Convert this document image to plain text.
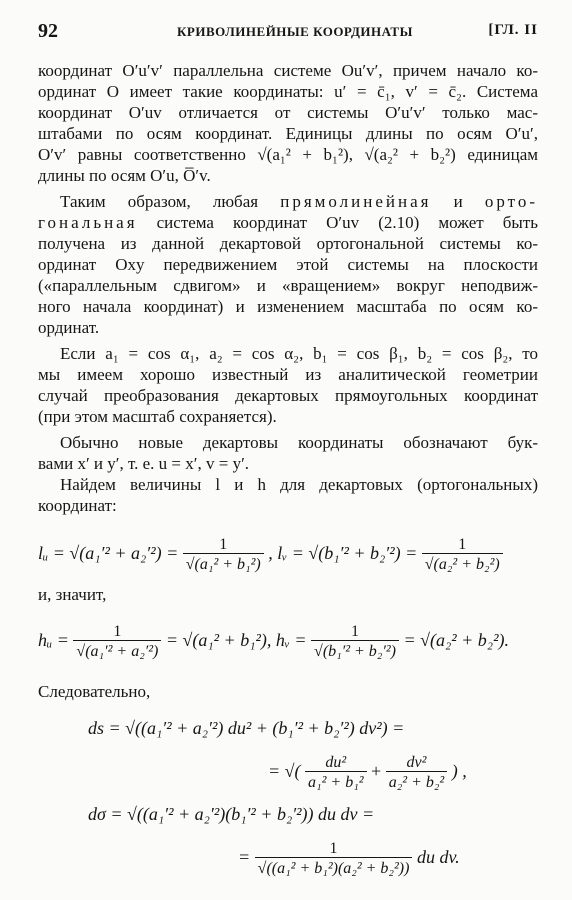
92	КРИВОЛИНЕЙНЫЕ КООРДИНАТЫ	[ГЛ. II
координат O′u′v′ параллельна системе Ou′v′, причем начало ко-
ординат O имеет такие координаты: u′ = c̄₁, v′ = c̄₂. Система
координат O′uv отличается от системы O′u′v′ только мас-
штабами по осям координат. Единицы длины по осям O′u′,
O′v′ равны соответственно √(a₁² + b₁²), √(a₂² + b₂²) единицам
длины по осям O′u, O̅′v.
Таким образом, любая прямолинейная и орто-
гональная система координат O′uv (2.10) может быть
получена из данной декартовой ортогональной системы ко-
ординат Oxy передвижением этой системы на плоскости
(«параллельным сдвигом» и «вращением» вокруг неподвиж-
ного начала координат) и изменением масштаба по осям ко-
ординат.
Если a₁ = cos α₁, a₂ = cos α₂, b₁ = cos β₁, b₂ = cos β₂, то
мы имеем хорошо известный из аналитической геометрии
случай преобразования декартовых прямоугольных координат
(при этом масштаб сохраняется).
Обычно новые декартовы координаты обозначают бук-
вами x′ и y′, т. е. u = x′, v = y′.
Найдем величины l и h для декартовых (ортогональных)
координат:
lᵤ = $√(a_1'^2 + a_2'^2) = \frac{1}{\text{√(a₁² + b₁²)}}$ , lᵥ = $√(b_1'^2 + b_2'^2) = \frac{1}{\text{√(a₂² + b₂²)}}$
и, значит,
hᵤ = $\frac{1}{\text{√(a₁′² + a₂′²)}} = √(a_1^2 + b_1^2)$, hᵥ = $\frac{1}{\text{√(b₁′² + b₂′²)}} = √(a_2^2 + b_2^2)$.
Следовательно,
ds = √((a₁′² + a₂′²) du² + (b₁′² + b₂′²) dv²) =
= √( $\frac{\text{du²}}{\text{a₁² + b₁²}} + \frac{\text{dv²}}{\text{a₂² + b₂²}}$ ) ,
dσ = √((a₁′² + a₂′²)(b₁′² + b₂′²)) du dv =
= $\frac{1}{\text{√((a₁² + b₁²)(a₂² + b₂²))}}$ du dv.
